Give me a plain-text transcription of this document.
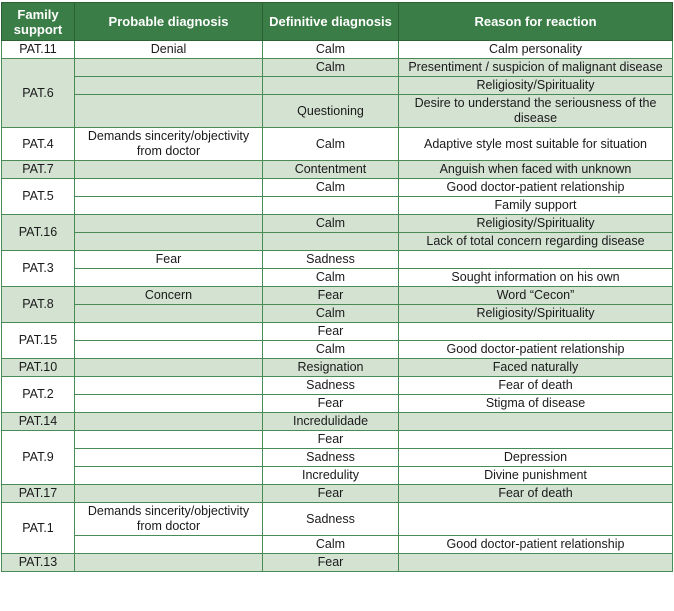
Family support	Probable diagnosis	Definitive diagnosis	Reason for reaction
PAT.11	Denial	Calm	Calm personality
PAT.6		Calm	Presentiment / suspicion of malignant disease
			Religiosity/Spirituality
		Questioning	Desire to understand the seriousness of the disease
PAT.4	Demands sincerity/objectivity from doctor	Calm	Adaptive style most suitable for situation
PAT.7		Contentment	Anguish when faced with unknown
PAT.5		Calm	Good doctor-patient relationship
			Family support
PAT.16		Calm	Religiosity/Spirituality
			Lack of total concern regarding disease
PAT.3	Fear	Sadness	
		Calm	Sought information on his own
PAT.8	Concern	Fear	Word “Cecon”
		Calm	Religiosity/Spirituality
PAT.15		Fear	
		Calm	Good doctor-patient relationship
PAT.10		Resignation	Faced naturally
PAT.2		Sadness	Fear of death
		Fear	Stigma of disease
PAT.14		Incredulidade	
PAT.9		Fear	
		Sadness	Depression
		Incredulity	Divine punishment
PAT.17		Fear	Fear of death
PAT.1	Demands sincerity/objectivity from doctor	Sadness	
		Calm	Good doctor-patient relationship
PAT.13		Fear	
